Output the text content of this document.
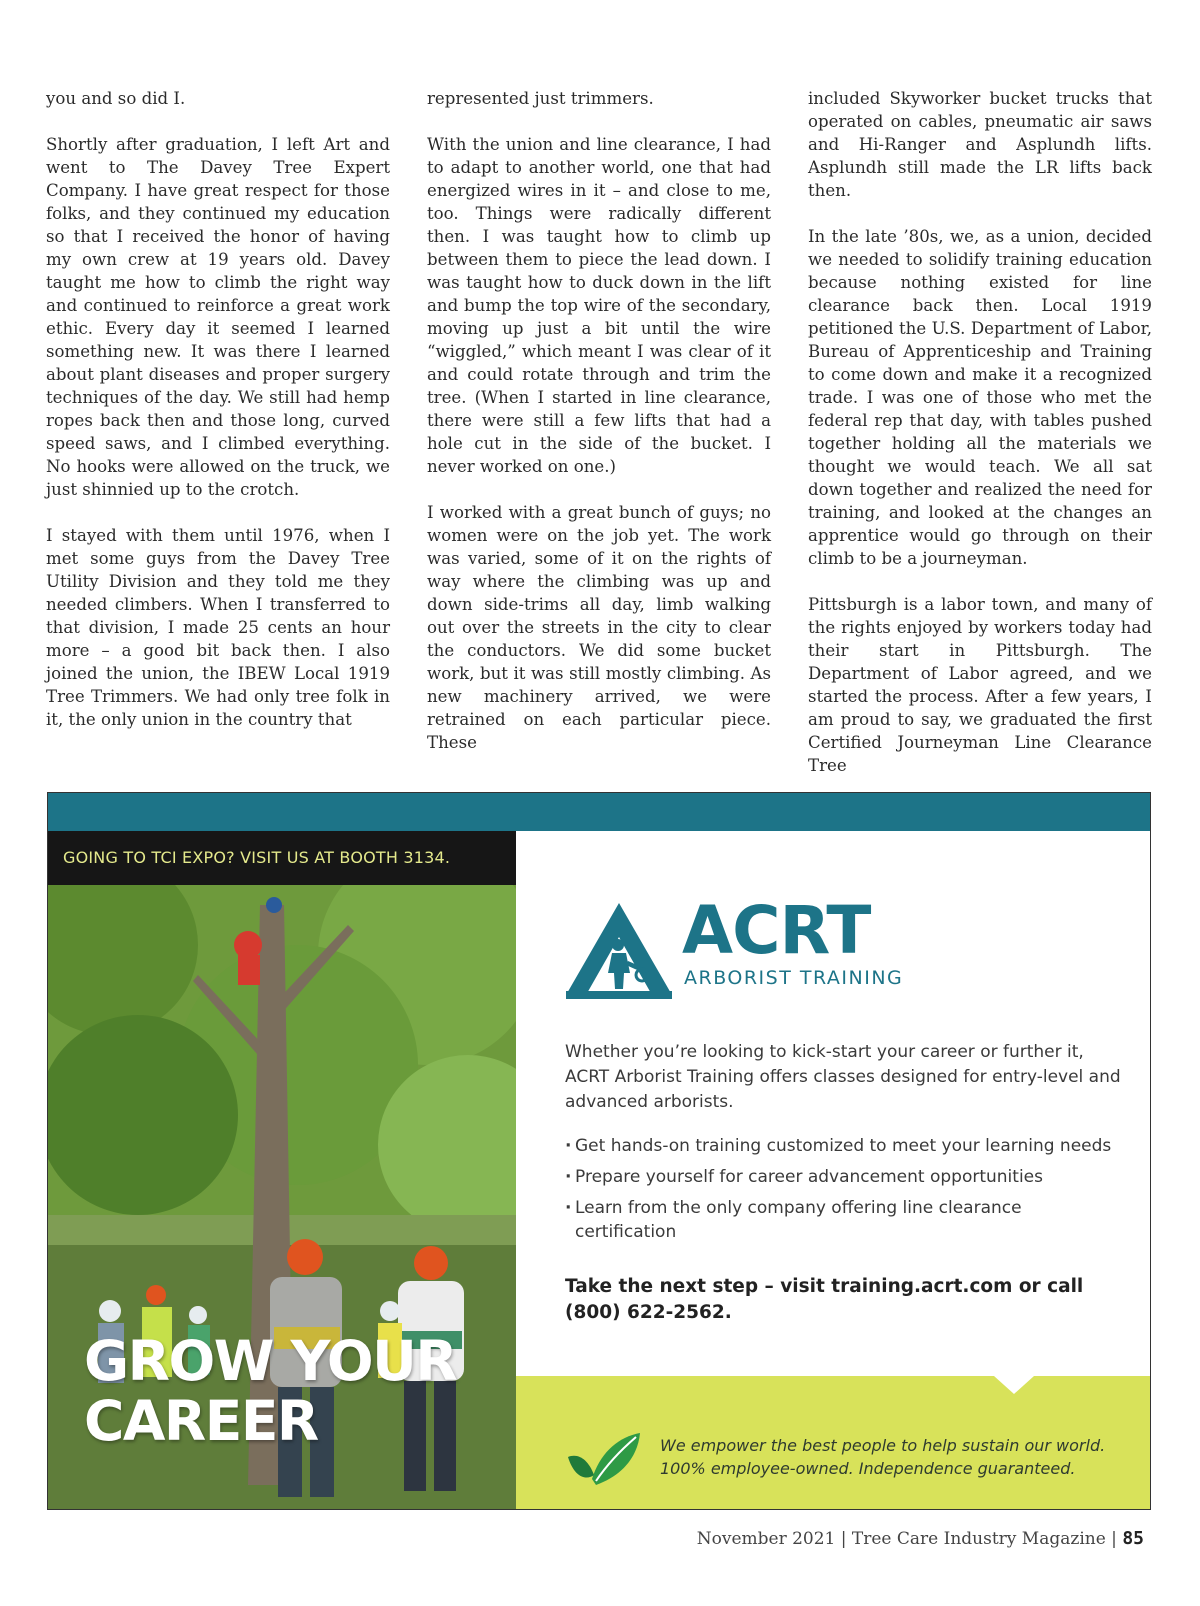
you and so did I.

Shortly after graduation, I left Art and went to The Davey Tree Expert Company. I have great respect for those folks, and they continued my education so that I received the honor of having my own crew at 19 years old. Davey taught me how to climb the right way and continued to reinforce a great work ethic. Every day it seemed I learned something new. It was there I learned about plant diseases and proper surgery techniques of the day. We still had hemp ropes back then and those long, curved speed saws, and I climbed everything. No hooks were allowed on the truck, we just shinnied up to the crotch.

I stayed with them until 1976, when I met some guys from the Davey Tree Utility Division and they told me they needed climbers. When I transferred to that division, I made 25 cents an hour more – a good bit back then. I also joined the union, the IBEW Local 1919 Tree Trimmers. We had only tree folk in it, the only union in the country that

represented just trimmers.

With the union and line clearance, I had to adapt to another world, one that had energized wires in it – and close to me, too. Things were radically different then. I was taught how to climb up between them to piece the lead down. I was taught how to duck down in the lift and bump the top wire of the secondary, moving up just a bit until the wire “wiggled,” which meant I was clear of it and could rotate through and trim the tree. (When I started in line clearance, there were still a few lifts that had a hole cut in the side of the bucket. I never worked on one.)

I worked with a great bunch of guys; no women were on the job yet. The work was varied, some of it on the rights of way where the climbing was up and down side-trims all day, limb walking out over the streets in the city to clear the conductors. We did some bucket work, but it was still mostly climbing. As new machinery arrived, we were retrained on each particular piece. These

included Skyworker bucket trucks that operated on cables, pneumatic air saws and Hi-Ranger and Asplundh lifts. Asplundh still made the LR lifts back then.

In the late ’80s, we, as a union, decided we needed to solidify training education because nothing existed for line clearance back then. Local 1919 petitioned the U.S. Department of Labor, Bureau of Apprenticeship and Training to come down and make it a recognized trade. I was one of those who met the federal rep that day, with tables pushed together holding all the materials we thought we would teach. We all sat down together and realized the need for training, and looked at the changes an apprentice would go through on their climb to be a journeyman.

Pittsburgh is a labor town, and many of the rights enjoyed by workers today had their start in Pittsburgh. The Department of Labor agreed, and we started the process. After a few years, I am proud to say, we graduated the first Certified Journeyman Line Clearance Tree

GOING TO TCI EXPO? VISIT US AT BOOTH 3134.
GROW YOUR
CAREER
ACRT
ARBORIST TRAINING
Whether you’re looking to kick-start your career or further it, ACRT Arborist Training offers classes designed for entry-level and advanced arborists.
· Get hands-on training customized to meet your learning needs
· Prepare yourself for career advancement opportunities
· Learn from the only company offering line clearance certification
Take the next step – visit training.acrt.com or call (800) 622-2562.
We empower the best people to help sustain our world. 100% employee-owned. Independence guaranteed.
November 2021 | Tree Care Industry Magazine | 85
